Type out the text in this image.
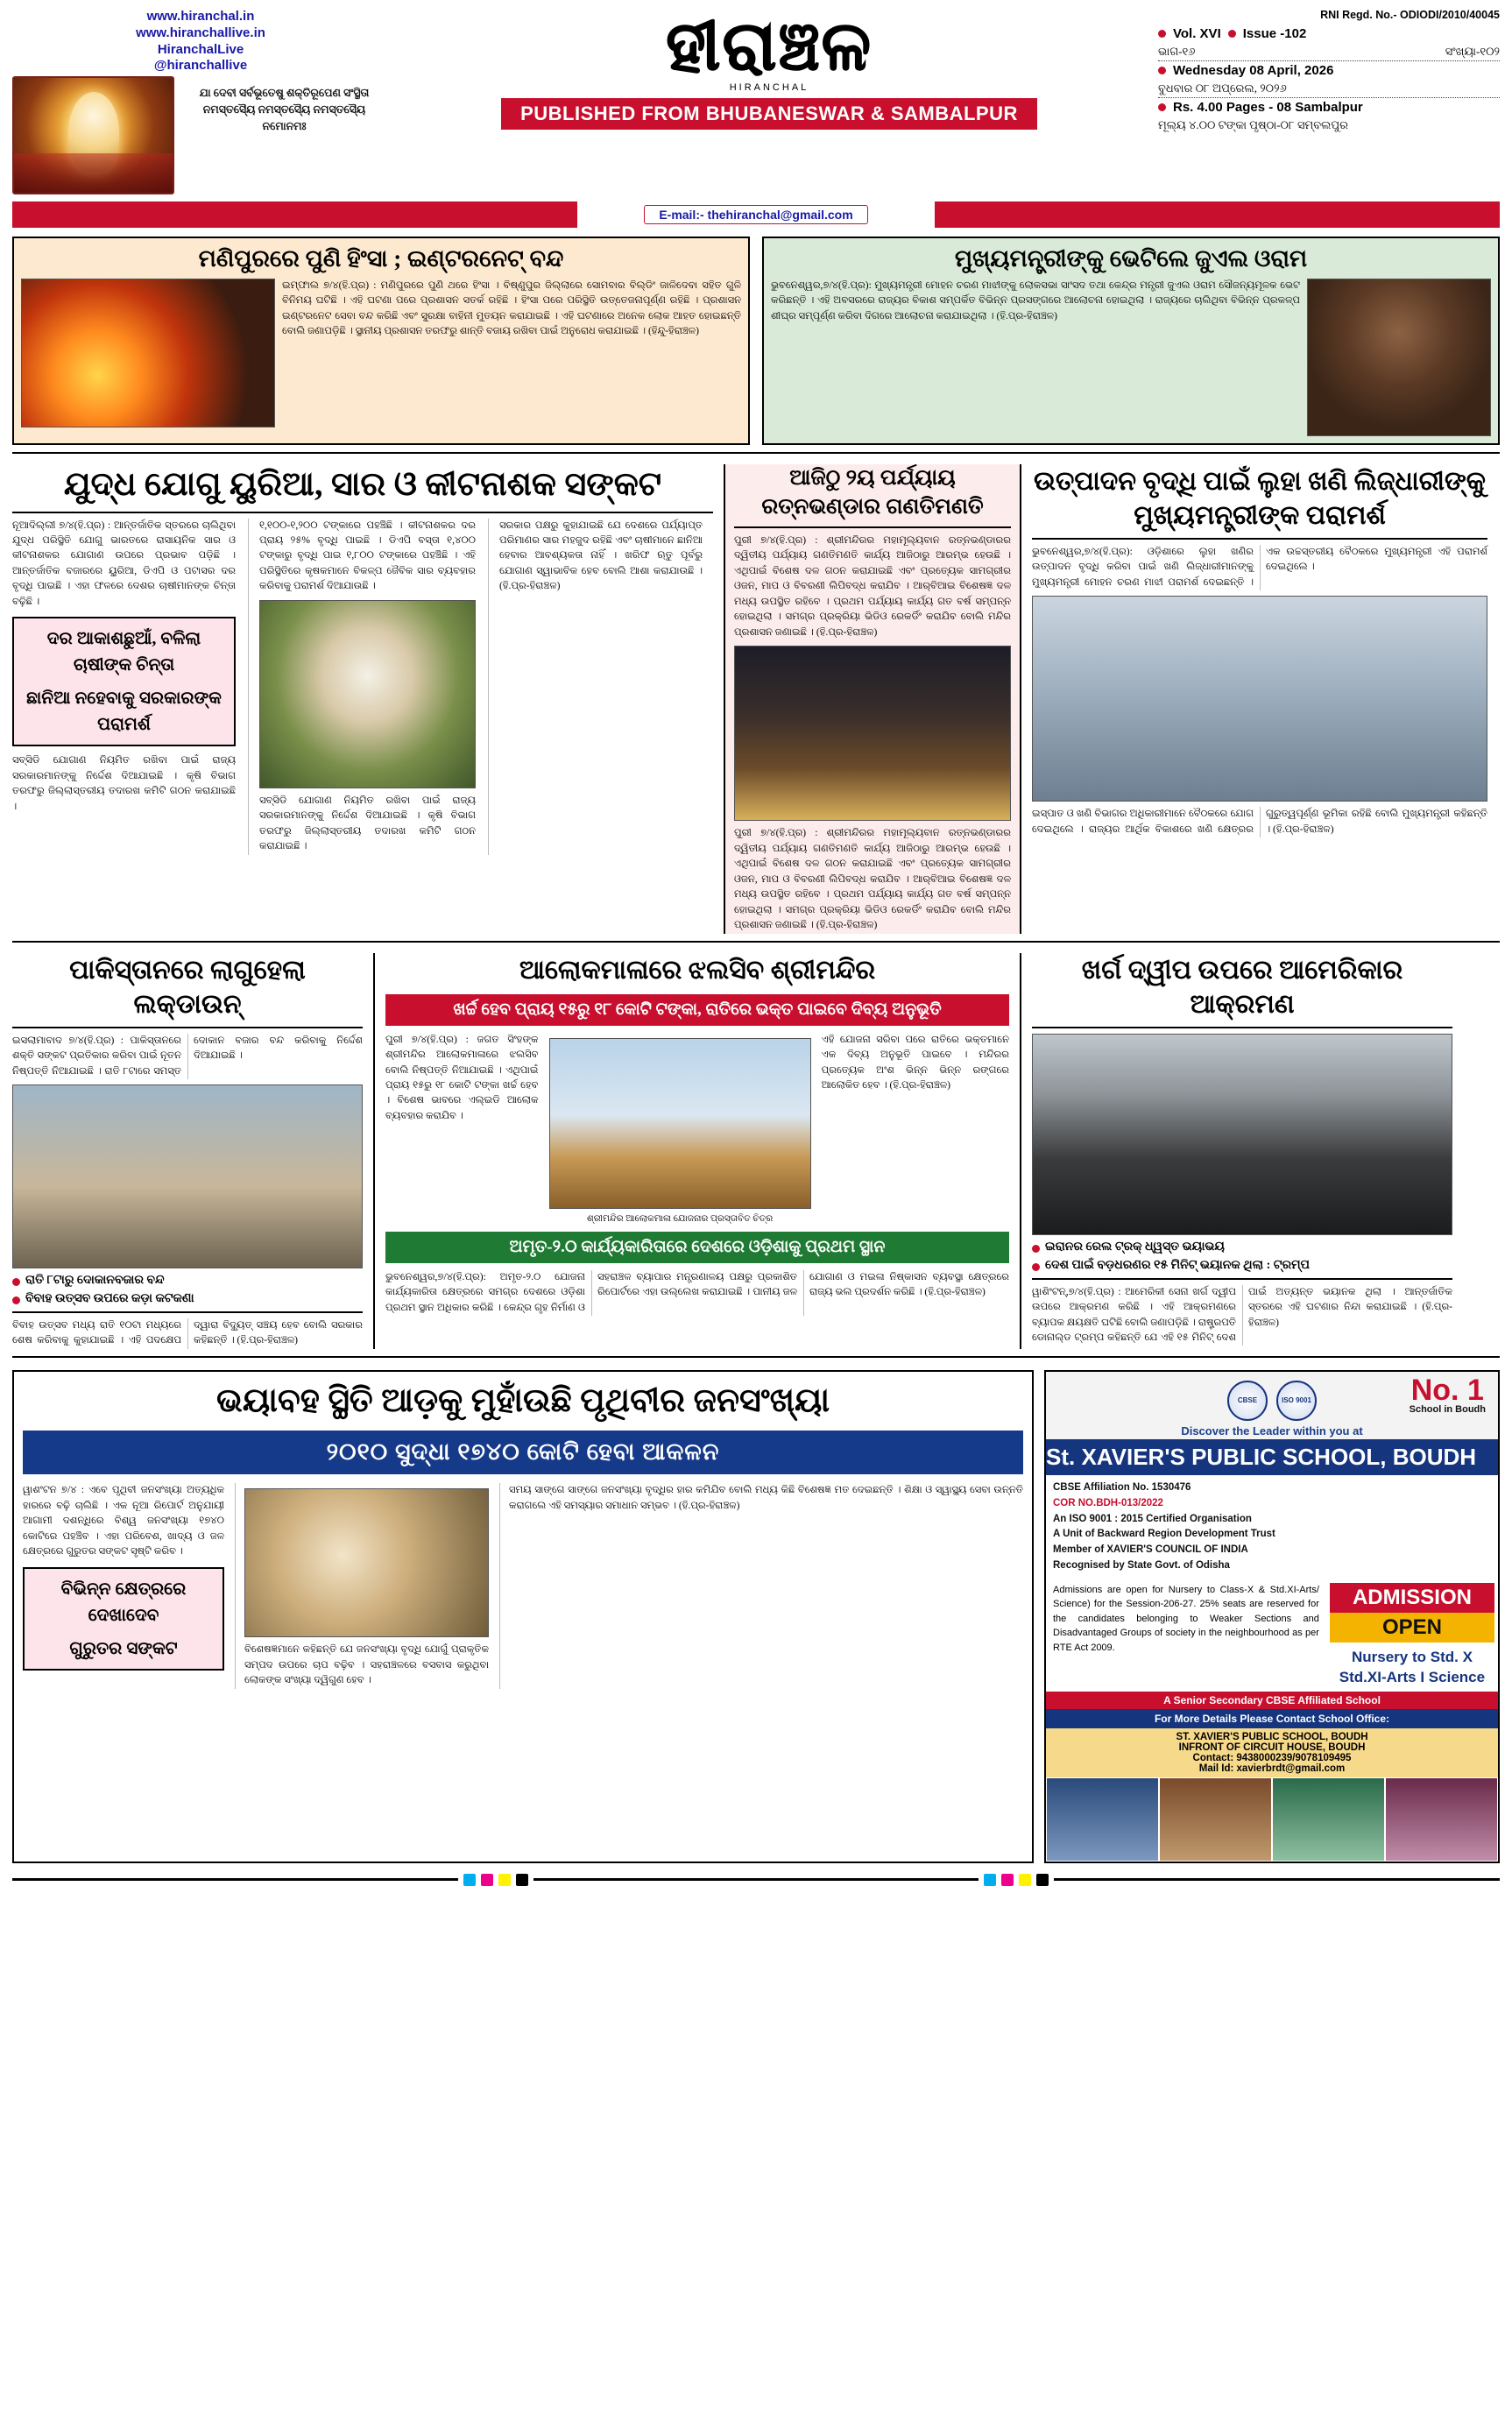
www.hiranchal.in
www.hiranchallive.in
HiranchalLive
@hiranchallive
ଯା ଦେବୀ ସର୍ବଭୂତେଷୁ ଶକ୍ତିରୂପେଣ ସଂସ୍ଥିତା ନମସ୍ତସ୍ୟୈ ନମସ୍ତସ୍ୟୈ ନମସ୍ତସ୍ୟୈ ନମୋନମଃ
ହୀରାଞ୍ଚଳ
HIRANCHAL
PUBLISHED FROM BHUBANESWAR & SAMBALPUR
RNI Regd. No.- ODIODI/2010/40045
Vol. XVI Issue -102
ଭାଗ-୧୬	ସଂଖ୍ୟା-୧୦୨
Wednesday 08 April, 2026
ବୁଧବାର ୦୮ ଅପ୍ରେଲ, ୨୦୨୬
Rs. 4.00 Pages - 08 Sambalpur
ମୂଲ୍ୟ ୪.୦୦ ଟଙ୍କା ପୃଷ୍ଠା-୦୮ ସମ୍ବଲପୁର
E-mail:- thehiranchal@gmail.com
ମଣିପୁରରେ ପୁଣି ହିଂସା ; ଇଣ୍ଟରନେଟ୍ ବନ୍ଦ
ଇମ୍ଫାଲ ୭/୪(ହି.ପ୍ର) : ମଣିପୁରରେ ପୁଣି ଥରେ ହିଂସା । ବିଷ୍ଣୁପୁର ଜିଲ୍ଲାରେ ସୋମବାର ବିଲ୍‌ଡିଂ ଜାଳିଦେବା ସହିତ ଗୁଳି ବିନିମୟ ଘଟିଛି । ଏହି ଘଟଣା ପରେ ପ୍ରଶାସନ ସତର୍କ ରହିଛି । ହିଂସା ପରେ ପରିସ୍ଥିତି ଉତ୍ତେଜନାପୂର୍ଣ୍ଣ ରହିଛି । ପ୍ରଶାସନ ଇଣ୍ଟରନେଟ ସେବା ବନ୍ଦ କରିଛି ଏବଂ ସୁରକ୍ଷା ବାହିନୀ ମୁତୟନ କରାଯାଇଛି । ଏହି ଘଟଣାରେ ଅନେକ ଲୋକ ଆହତ ହୋଇଛନ୍ତି ବୋଲି ଜଣାପଡ଼ିଛି । ସ୍ଥାନୀୟ ପ୍ରଶାସନ ତରଫରୁ ଶାନ୍ତି ବଜାୟ ରଖିବା ପାଇଁ ଅନୁରୋଧ କରାଯାଇଛି । (ହିନ୍ଦୁ-ହିରାଞ୍ଚଳ)
ମୁଖ୍ୟମନ୍ତ୍ରୀଙ୍କୁ ଭେଟିଲେ ଜୁଏଲ ଓରାମ
ଭୁବନେଶ୍ୱର,୭/୪(ହି.ପ୍ର): ମୁଖ୍ୟମନ୍ତ୍ରୀ ମୋହନ ଚରଣ ମାଝୀଙ୍କୁ ଲୋକସଭା ସାଂସଦ ତଥା କେନ୍ଦ୍ର ମନ୍ତ୍ରୀ ଜୁଏଲ ଓରାମ ସୌଜନ୍ୟମୂଳକ ଭେଟ କରିଛନ୍ତି । ଏହି ଅବସରରେ ରାଜ୍ୟର ବିକାଶ ସମ୍ପର୍କିତ ବିଭିନ୍ନ ପ୍ରସଙ୍ଗରେ ଆଲୋଚନା ହୋଇଥିଲା । ରାଜ୍ୟରେ ଚାଲିଥିବା ବିଭିନ୍ନ ପ୍ରକଳ୍ପ ଶୀଘ୍ର ସମ୍ପୂର୍ଣ୍ଣ କରିବା ଦିଗରେ ଆଲୋଚନା କରାଯାଇଥିଲା । (ହି.ପ୍ର-ହିରାଞ୍ଚଳ)
ଯୁଦ୍ଧ ଯୋଗୁ ୟୁରିଆ, ସାର ଓ କୀଟନାଶକ ସଙ୍କଟ
ନୂଆଦିଲ୍ଲୀ ୭/୪(ହି.ପ୍ର) : ଆନ୍ତର୍ଜାତିକ ସ୍ତରରେ ଚାଲିଥିବା ଯୁଦ୍ଧ ପରିସ୍ଥିତି ଯୋଗୁ ଭାରତରେ ରାସାୟନିକ ସାର ଓ କୀଟନାଶକର ଯୋଗାଣ ଉପରେ ପ୍ରଭାବ ପଡ଼ିଛି । ଆନ୍ତର୍ଜାତିକ ବଜାରରେ ୟୁରିଆ, ଡିଏପି ଓ ପଟାସର ଦର ବୃଦ୍ଧି ପାଇଛି । ଏହା ଫଳରେ ଦେଶର ଚାଷୀମାନଙ୍କ ଚିନ୍ତା ବଢ଼ିଛି ।
ଦର ଆକାଶଛୁଆଁ, ବଳିଲା ଚାଷୀଙ୍କ ଚିନ୍ତା
ଛାନିଆ ନହେବାକୁ ସରକାରଙ୍କ ପରାମର୍ଶ
ସବ୍‌ସିଡି ଯୋଗାଣ ନିୟମିତ ରଖିବା ପାଇଁ ରାଜ୍ୟ ସରକାରମାନଙ୍କୁ ନିର୍ଦ୍ଦେଶ ଦିଆଯାଇଛି । କୃଷି ବିଭାଗ ତରଫରୁ ଜିଲ୍ଲାସ୍ତରୀୟ ତଦାରଖ କମିଟି ଗଠନ କରାଯାଇଛି ।
୧,୧୦୦-୧,୨୦୦ ଟଙ୍କାରେ ପହଞ୍ଚିଛି । କୀଟନାଶକର ଦର ପ୍ରାୟ ୨୫% ବୃଦ୍ଧି ପାଇଛି । ଡିଏପି ବସ୍ତା ୧,୪୦୦ ଟଙ୍କାରୁ ବୃଦ୍ଧି ପାଇ ୧,୮୦୦ ଟଙ୍କାରେ ପହଞ୍ଚିଛି । ଏହି ପରିସ୍ଥିତିରେ କୃଷକମାନେ ବିକଳ୍ପ ଜୈବିକ ସାର ବ୍ୟବହାର କରିବାକୁ ପରାମର୍ଶ ଦିଆଯାଉଛି ।
ସବ୍‌ସିଡି ଯୋଗାଣ ନିୟମିତ ରଖିବା ପାଇଁ ରାଜ୍ୟ ସରକାରମାନଙ୍କୁ ନିର୍ଦ୍ଦେଶ ଦିଆଯାଇଛି । କୃଷି ବିଭାଗ ତରଫରୁ ଜିଲ୍ଲାସ୍ତରୀୟ ତଦାରଖ କମିଟି ଗଠନ କରାଯାଇଛି ।
ସରକାର ପକ୍ଷରୁ କୁହାଯାଇଛି ଯେ ଦେଶରେ ପର୍ଯ୍ୟାପ୍ତ ପରିମାଣର ସାର ମହଜୁଦ ରହିଛି ଏବଂ ଚାଷୀମାନେ ଛାନିଆ ହେବାର ଆବଶ୍ୟକତା ନାହିଁ । ଖରିଫ ଋତୁ ପୂର୍ବରୁ ଯୋଗାଣ ସ୍ୱାଭାବିକ ହେବ ବୋଲି ଆଶା କରାଯାଉଛି । (ହି.ପ୍ର-ହିରାଞ୍ଚଳ)
ଆଜିଠୁ ୨ୟ ପର୍ଯ୍ୟାୟ
ରତ୍ନଭଣ୍ଡାର ଗଣତିମଣତି
ପୁରୀ ୭/୪(ହି.ପ୍ର) : ଶ୍ରୀମନ୍ଦିରର ମହାମୂଲ୍ୟବାନ ରତ୍ନଭଣ୍ଡାରର ଦ୍ୱିତୀୟ ପର୍ଯ୍ୟାୟ ଗଣତିମଣତି କାର୍ଯ୍ୟ ଆଜିଠାରୁ ଆରମ୍ଭ ହେଉଛି । ଏଥିପାଇଁ ବିଶେଷ ଦଳ ଗଠନ କରାଯାଇଛି ଏବଂ ପ୍ରତ୍ୟେକ ସାମଗ୍ରୀର ଓଜନ, ମାପ ଓ ବିବରଣୀ ଲିପିବଦ୍ଧ କରାଯିବ । ଆର୍‌ବିଆଇ ବିଶେଷଜ୍ଞ ଦଳ ମଧ୍ୟ ଉପସ୍ଥିତ ରହିବେ । ପ୍ରଥମ ପର୍ଯ୍ୟାୟ କାର୍ଯ୍ୟ ଗତ ବର୍ଷ ସମ୍ପନ୍ନ ହୋଇଥିଲା । ସମଗ୍ର ପ୍ରକ୍ରିୟା ଭିଡିଓ ରେକର୍ଡିଂ କରାଯିବ ବୋଲି ମନ୍ଦିର ପ୍ରଶାସନ ଜଣାଇଛି । (ହି.ପ୍ର-ହିରାଞ୍ଚଳ)
ପୁରୀ ୭/୪(ହି.ପ୍ର) : ଶ୍ରୀମନ୍ଦିରର ମହାମୂଲ୍ୟବାନ ରତ୍ନଭଣ୍ଡାରର ଦ୍ୱିତୀୟ ପର୍ଯ୍ୟାୟ ଗଣତିମଣତି କାର୍ଯ୍ୟ ଆଜିଠାରୁ ଆରମ୍ଭ ହେଉଛି । ଏଥିପାଇଁ ବିଶେଷ ଦଳ ଗଠନ କରାଯାଇଛି ଏବଂ ପ୍ରତ୍ୟେକ ସାମଗ୍ରୀର ଓଜନ, ମାପ ଓ ବିବରଣୀ ଲିପିବଦ୍ଧ କରାଯିବ । ଆର୍‌ବିଆଇ ବିଶେଷଜ୍ଞ ଦଳ ମଧ୍ୟ ଉପସ୍ଥିତ ରହିବେ । ପ୍ରଥମ ପର୍ଯ୍ୟାୟ କାର୍ଯ୍ୟ ଗତ ବର୍ଷ ସମ୍ପନ୍ନ ହୋଇଥିଲା । ସମଗ୍ର ପ୍ରକ୍ରିୟା ଭିଡିଓ ରେକର୍ଡିଂ କରାଯିବ ବୋଲି ମନ୍ଦିର ପ୍ରଶାସନ ଜଣାଇଛି । (ହି.ପ୍ର-ହିରାଞ୍ଚଳ)
ଉତ୍ପାଦନ ବୃଦ୍ଧି ପାଇଁ ଲୁହା ଖଣି ଲିଜ୍‌ଧାରୀଙ୍କୁ ମୁଖ୍ୟମନ୍ତ୍ରୀଙ୍କ ପରାମର୍ଶ
ଭୁବନେଶ୍ୱର,୭/୪(ହି.ପ୍ର): ଓଡ଼ିଶାରେ ଲୁହା ଖଣିର ଉତ୍ପାଦନ ବୃଦ୍ଧି କରିବା ପାଇଁ ଖଣି ଲିଜ୍‌ଧାରୀମାନଙ୍କୁ ମୁଖ୍ୟମନ୍ତ୍ରୀ ମୋହନ ଚରଣ ମାଝୀ ପରାମର୍ଶ ଦେଇଛନ୍ତି । ଏକ ଉଚ୍ଚସ୍ତରୀୟ ବୈଠକରେ ମୁଖ୍ୟମନ୍ତ୍ରୀ ଏହି ପରାମର୍ଶ ଦେଇଥିଲେ ।
ଇସ୍ପାତ ଓ ଖଣି ବିଭାଗର ଅଧିକାରୀମାନେ ବୈଠକରେ ଯୋଗ ଦେଇଥିଲେ । ରାଜ୍ୟର ଆର୍ଥିକ ବିକାଶରେ ଖଣି କ୍ଷେତ୍ରର ଗୁରୁତ୍ୱପୂର୍ଣ୍ଣ ଭୂମିକା ରହିଛି ବୋଲି ମୁଖ୍ୟମନ୍ତ୍ରୀ କହିଛନ୍ତି । (ହି.ପ୍ର-ହିରାଞ୍ଚଳ)
ପାକିସ୍ତାନରେ ଲାଗୁହେଲା ଲକ୍‌ଡାଉନ୍
ଇସଲାମାବାଦ ୭/୪(ହି.ପ୍ର) : ପାକିସ୍ତାନରେ ଶକ୍ତି ସଙ୍କଟ ପ୍ରତିକାର କରିବା ପାଇଁ ନୂତନ ନିଷ୍ପତ୍ତି ନିଆଯାଇଛି । ରାତି ୮ଟାରେ ସମସ୍ତ ଦୋକାନ ବଜାର ବନ୍ଦ କରିବାକୁ ନିର୍ଦ୍ଦେଶ ଦିଆଯାଇଛି ।
ରାତି ୮ଟାରୁ ଦୋକାନବଜାର ବନ୍ଦ
ବିବାହ ଉତ୍ସବ ଉପରେ କଡ଼ା କଟକଣା
ବିବାହ ଉତ୍ସବ ମଧ୍ୟ ରାତି ୧୦ଟା ମଧ୍ୟରେ ଶେଷ କରିବାକୁ କୁହାଯାଇଛି । ଏହି ପଦକ୍ଷେପ ଦ୍ୱାରା ବିଦ୍ୟୁତ୍ ସଞ୍ଚୟ ହେବ ବୋଲି ସରକାର କହିଛନ୍ତି । (ହି.ପ୍ର-ହିରାଞ୍ଚଳ)
ଆଲୋକମାଳାରେ ଝଲସିବ ଶ୍ରୀମନ୍ଦିର
ଖର୍ଚ୍ଚ ହେବ ପ୍ରାୟ ୧୫ରୁ ୧୮ କୋଟି ଟଙ୍କା, ରାତିରେ ଭକ୍ତ ପାଇବେ ଦିବ୍ୟ ଅନୁଭୂତି
ପୁରୀ ୭/୪(ହି.ପ୍ର) : ଜଗତ ସିଂହଙ୍କ ଶ୍ରୀମନ୍ଦିର ଆଲୋକମାଳାରେ ଝଲସିବ ବୋଲି ନିଷ୍ପତ୍ତି ନିଆଯାଇଛି । ଏଥିପାଇଁ ପ୍ରାୟ ୧୫ରୁ ୧୮ କୋଟି ଟଙ୍କା ଖର୍ଚ୍ଚ ହେବ । ବିଶେଷ ଭାବରେ ଏଲ୍‌ଇଡି ଆଲୋକ ବ୍ୟବହାର କରାଯିବ ।
ଶ୍ରୀମନ୍ଦିର ଆଲୋକମାଳା ଯୋଜନାର ପ୍ରସ୍ତାବିତ ଚିତ୍ର
ଏହି ଯୋଜନା ସରିବା ପରେ ରାତିରେ ଭକ୍ତମାନେ ଏକ ଦିବ୍ୟ ଅନୁଭୂତି ପାଇବେ । ମନ୍ଦିରର ପ୍ରତ୍ୟେକ ଅଂଶ ଭିନ୍ନ ଭିନ୍ନ ରଙ୍ଗରେ ଆଲୋକିତ ହେବ । (ହି.ପ୍ର-ହିରାଞ୍ଚଳ)
ଅମୃତ-୨.୦ କାର୍ଯ୍ୟକାରିତାରେ ଦେଶରେ ଓଡ଼ିଶାକୁ ପ୍ରଥମ ସ୍ଥାନ
ଭୁବନେଶ୍ୱର,୭/୪(ହି.ପ୍ର): ଅମୃତ-୨.୦ ଯୋଜନା କାର୍ଯ୍ୟକାରିତା କ୍ଷେତ୍ରରେ ସମଗ୍ର ଦେଶରେ ଓଡ଼ିଶା ପ୍ରଥମ ସ୍ଥାନ ଅଧିକାର କରିଛି । କେନ୍ଦ୍ର ଗୃହ ନିର୍ମାଣ ଓ ସହରାଞ୍ଚଳ ବ୍ୟାପାର ମନ୍ତ୍ରଣାଳୟ ପକ୍ଷରୁ ପ୍ରକାଶିତ ରିପୋର୍ଟରେ ଏହା ଉଲ୍ଲେଖ କରାଯାଇଛି । ପାନୀୟ ଜଳ ଯୋଗାଣ ଓ ମଇଳା ନିଷ୍କାସନ ବ୍ୟବସ୍ଥା କ୍ଷେତ୍ରରେ ରାଜ୍ୟ ଭଲ ପ୍ରଦର୍ଶନ କରିଛି । (ହି.ପ୍ର-ହିରାଞ୍ଚଳ)
ଖର୍ଗ ଦ୍ୱୀପ ଉପରେ ଆମେରିକାର ଆକ୍ରମଣ
ଇରାନର ରେଲ ଟ୍ରକ୍‌ ଧ୍ୱସ୍ତ ଭୟାଭୟ
ଦେଶ ପାଇଁ ବଡ଼ଧରଣର ୧୫ ମିନିଟ୍ ଭୟାନକ ଥିଲା : ଟ୍ରମ୍ପ
ୱାଶିଂଟନ୍,୭/୪(ହି.ପ୍ର) : ଆମେରିକୀ ସେନା ଖର୍ଗ ଦ୍ୱୀପ ଉପରେ ଆକ୍ରମଣ କରିଛି । ଏହି ଆକ୍ରମଣରେ ବ୍ୟାପକ କ୍ଷୟକ୍ଷତି ଘଟିଛି ବୋଲି ଜଣାପଡ଼ିଛି । ରାଷ୍ଟ୍ରପତି ଡୋନାଲ୍ଡ ଟ୍ରମ୍ପ କହିଛନ୍ତି ଯେ ଏହି ୧୫ ମିନିଟ୍ ଦେଶ ପାଇଁ ଅତ୍ୟନ୍ତ ଭୟାନକ ଥିଲା । ଆନ୍ତର୍ଜାତିକ ସ୍ତରରେ ଏହି ଘଟଣାର ନିନ୍ଦା କରାଯାଇଛି । (ହି.ପ୍ର-ହିରାଞ୍ଚଳ)
ଭୟାବହ ସ୍ଥିତି ଆଡ଼କୁ ମୁହାଁଉଛି ପୃଥିବୀର ଜନସଂଖ୍ୟା
୨୦୧୦ ସୁଦ୍ଧା ୧୭୪୦ କୋଟି ହେବା ଆକଳନ
ୱାଶଂଟନ ୭/୪ : ଏବେ ପୃଥିବୀ ଜନସଂଖ୍ୟା ଅତ୍ୟଧିକ ହାରରେ ବଢ଼ି ଚାଲିଛି । ଏକ ନୂଆ ରିପୋର୍ଟ ଅନୁଯାୟୀ ଆଗାମୀ ଦଶନ୍ଧିରେ ବିଶ୍ୱ ଜନସଂଖ୍ୟା ୧୭୪୦ କୋଟିରେ ପହଞ୍ଚିବ । ଏହା ପରିବେଶ, ଖାଦ୍ୟ ଓ ଜଳ କ୍ଷେତ୍ରରେ ଗୁରୁତର ସଙ୍କଟ ସୃଷ୍ଟି କରିବ ।
ବିଭିନ୍ନ କ୍ଷେତ୍ରରେ ଦେଖାଦେବ
ଗୁରୁତର ସଙ୍କଟ	ବିଶେଷଜ୍ଞମାନେ କହିଛନ୍ତି ଯେ ଜନସଂଖ୍ୟା ବୃଦ୍ଧି ଯୋଗୁଁ ପ୍ରାକୃତିକ ସମ୍ପଦ ଉପରେ ଚାପ ବଢ଼ିବ । ସହରାଞ୍ଚଳରେ ବସବାସ କରୁଥିବା ଲୋକଙ୍କ ସଂଖ୍ୟା ଦ୍ୱିଗୁଣ ହେବ ।
ସମୟ ସାଙ୍ଗେ ସାଙ୍ଗେ ଜନସଂଖ୍ୟା ବୃଦ୍ଧିର ହାର କମିଯିବ ବୋଲି ମଧ୍ୟ କିଛି ବିଶେଷଜ୍ଞ ମତ ଦେଇଛନ୍ତି । ଶିକ୍ଷା ଓ ସ୍ୱାସ୍ଥ୍ୟ ସେବା ଉନ୍ନତି କରାଗଲେ ଏହି ସମସ୍ୟାର ସମାଧାନ ସମ୍ଭବ । (ହି.ପ୍ର-ହିରାଞ୍ଚଳ)
CBSE	ISO 9001
Discover the Leader within you at
No. 1
School in Boudh
St. XAVIER'S PUBLIC SCHOOL, BOUDH
CBSE Affiliation No. 1530476
COR NO.BDH-013/2022
An ISO 9001 : 2015 Certified Organisation
A Unit of Backward Region Development Trust
Member of XAVIER'S COUNCIL OF INDIA
Recognised by State Govt. of Odisha
Admissions are open for Nursery to Class-X & Std.XI-Arts/ Science) for the Session-206-27. 25% seats are reserved for the candidates belonging to Weaker Sections and Disadvantaged Groups of society in the neighbourhood as per RTE Act 2009.
ADMISSION
OPEN
Nursery to Std. X
Std.XI-Arts I Science
A Senior Secondary CBSE Affiliated School
For More Details Please Contact School Office:
ST. XAVIER'S PUBLIC SCHOOL, BOUDH
INFRONT OF CIRCUIT HOUSE, BOUDH
Contact: 9438000239/9078109495
Mail Id: xavierbrdt@gmail.com
